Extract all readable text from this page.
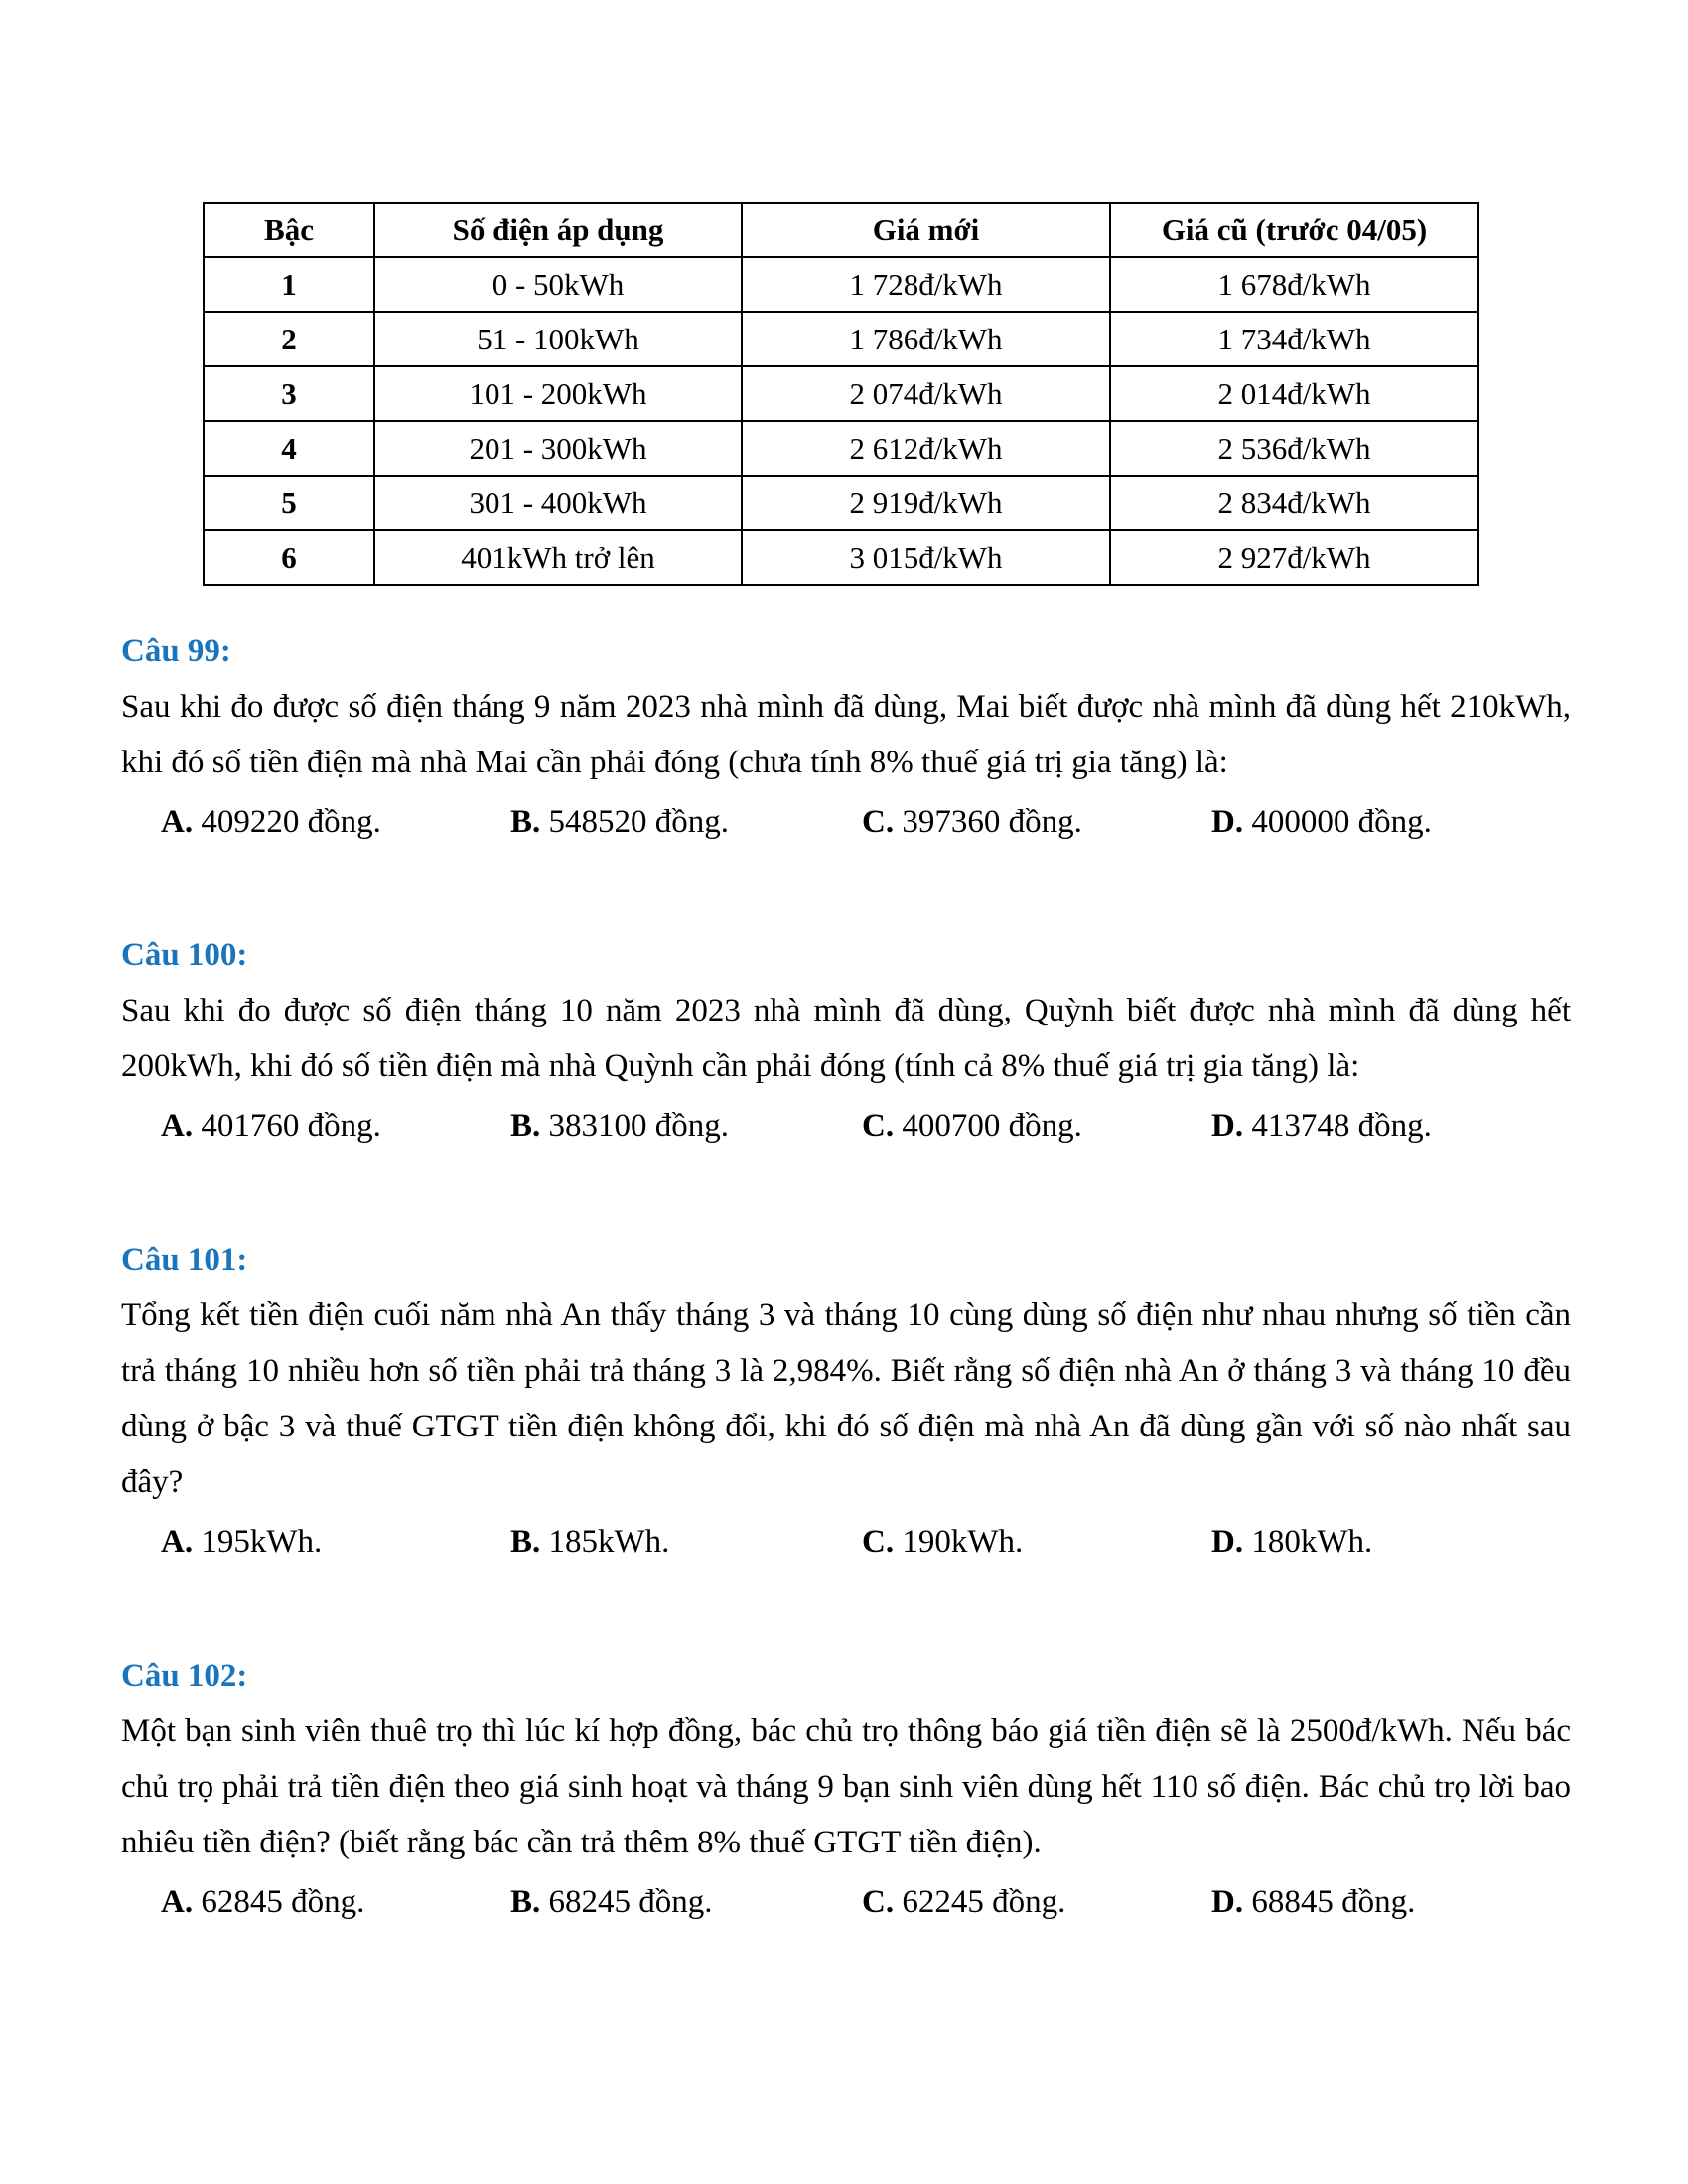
Bậc	Số điện áp dụng	Giá mới	Giá cũ (trước 04/05)
1	0 - 50kWh	1 728đ/kWh	1 678đ/kWh
2	51 - 100kWh	1 786đ/kWh	1 734đ/kWh
3	101 - 200kWh	2 074đ/kWh	2 014đ/kWh
4	201 - 300kWh	2 612đ/kWh	2 536đ/kWh
5	301 - 400kWh	2 919đ/kWh	2 834đ/kWh
6	401kWh trở lên	3 015đ/kWh	2 927đ/kWh
Câu 99:

Sau khi đo được số điện tháng 9 năm 2023 nhà mình đã dùng, Mai biết được nhà mình đã dùng hết 210kWh, khi đó số tiền điện mà nhà Mai cần phải đóng (chưa tính 8% thuế giá trị gia tăng) là:

A. 409220 đồng.	B. 548520 đồng.	C. 397360 đồng.	D. 400000 đồng.
Câu 100:

Sau khi đo được số điện tháng 10 năm 2023 nhà mình đã dùng, Quỳnh biết được nhà mình đã dùng hết 200kWh, khi đó số tiền điện mà nhà Quỳnh cần phải đóng (tính cả 8% thuế giá trị gia tăng) là:

A. 401760 đồng.	B. 383100 đồng.	C. 400700 đồng.	D. 413748 đồng.
Câu 101:

Tổng kết tiền điện cuối năm nhà An thấy tháng 3 và tháng 10 cùng dùng số điện như nhau nhưng số tiền cần trả tháng 10 nhiều hơn số tiền phải trả tháng 3 là 2,984%. Biết rằng số điện nhà An ở tháng 3 và tháng 10 đều dùng ở bậc 3 và thuế GTGT tiền điện không đổi, khi đó số điện mà nhà An đã dùng gần với số nào nhất sau đây?

A. 195kWh.	B. 185kWh.	C. 190kWh.	D. 180kWh.
Câu 102:

Một bạn sinh viên thuê trọ thì lúc kí hợp đồng, bác chủ trọ thông báo giá tiền điện sẽ là 2500đ/kWh. Nếu bác chủ trọ phải trả tiền điện theo giá sinh hoạt và tháng 9 bạn sinh viên dùng hết 110 số điện. Bác chủ trọ lời bao nhiêu tiền điện? (biết rằng bác cần trả thêm 8% thuế GTGT tiền điện).

A. 62845 đồng.	B. 68245 đồng.	C. 62245 đồng.	D. 68845 đồng.
